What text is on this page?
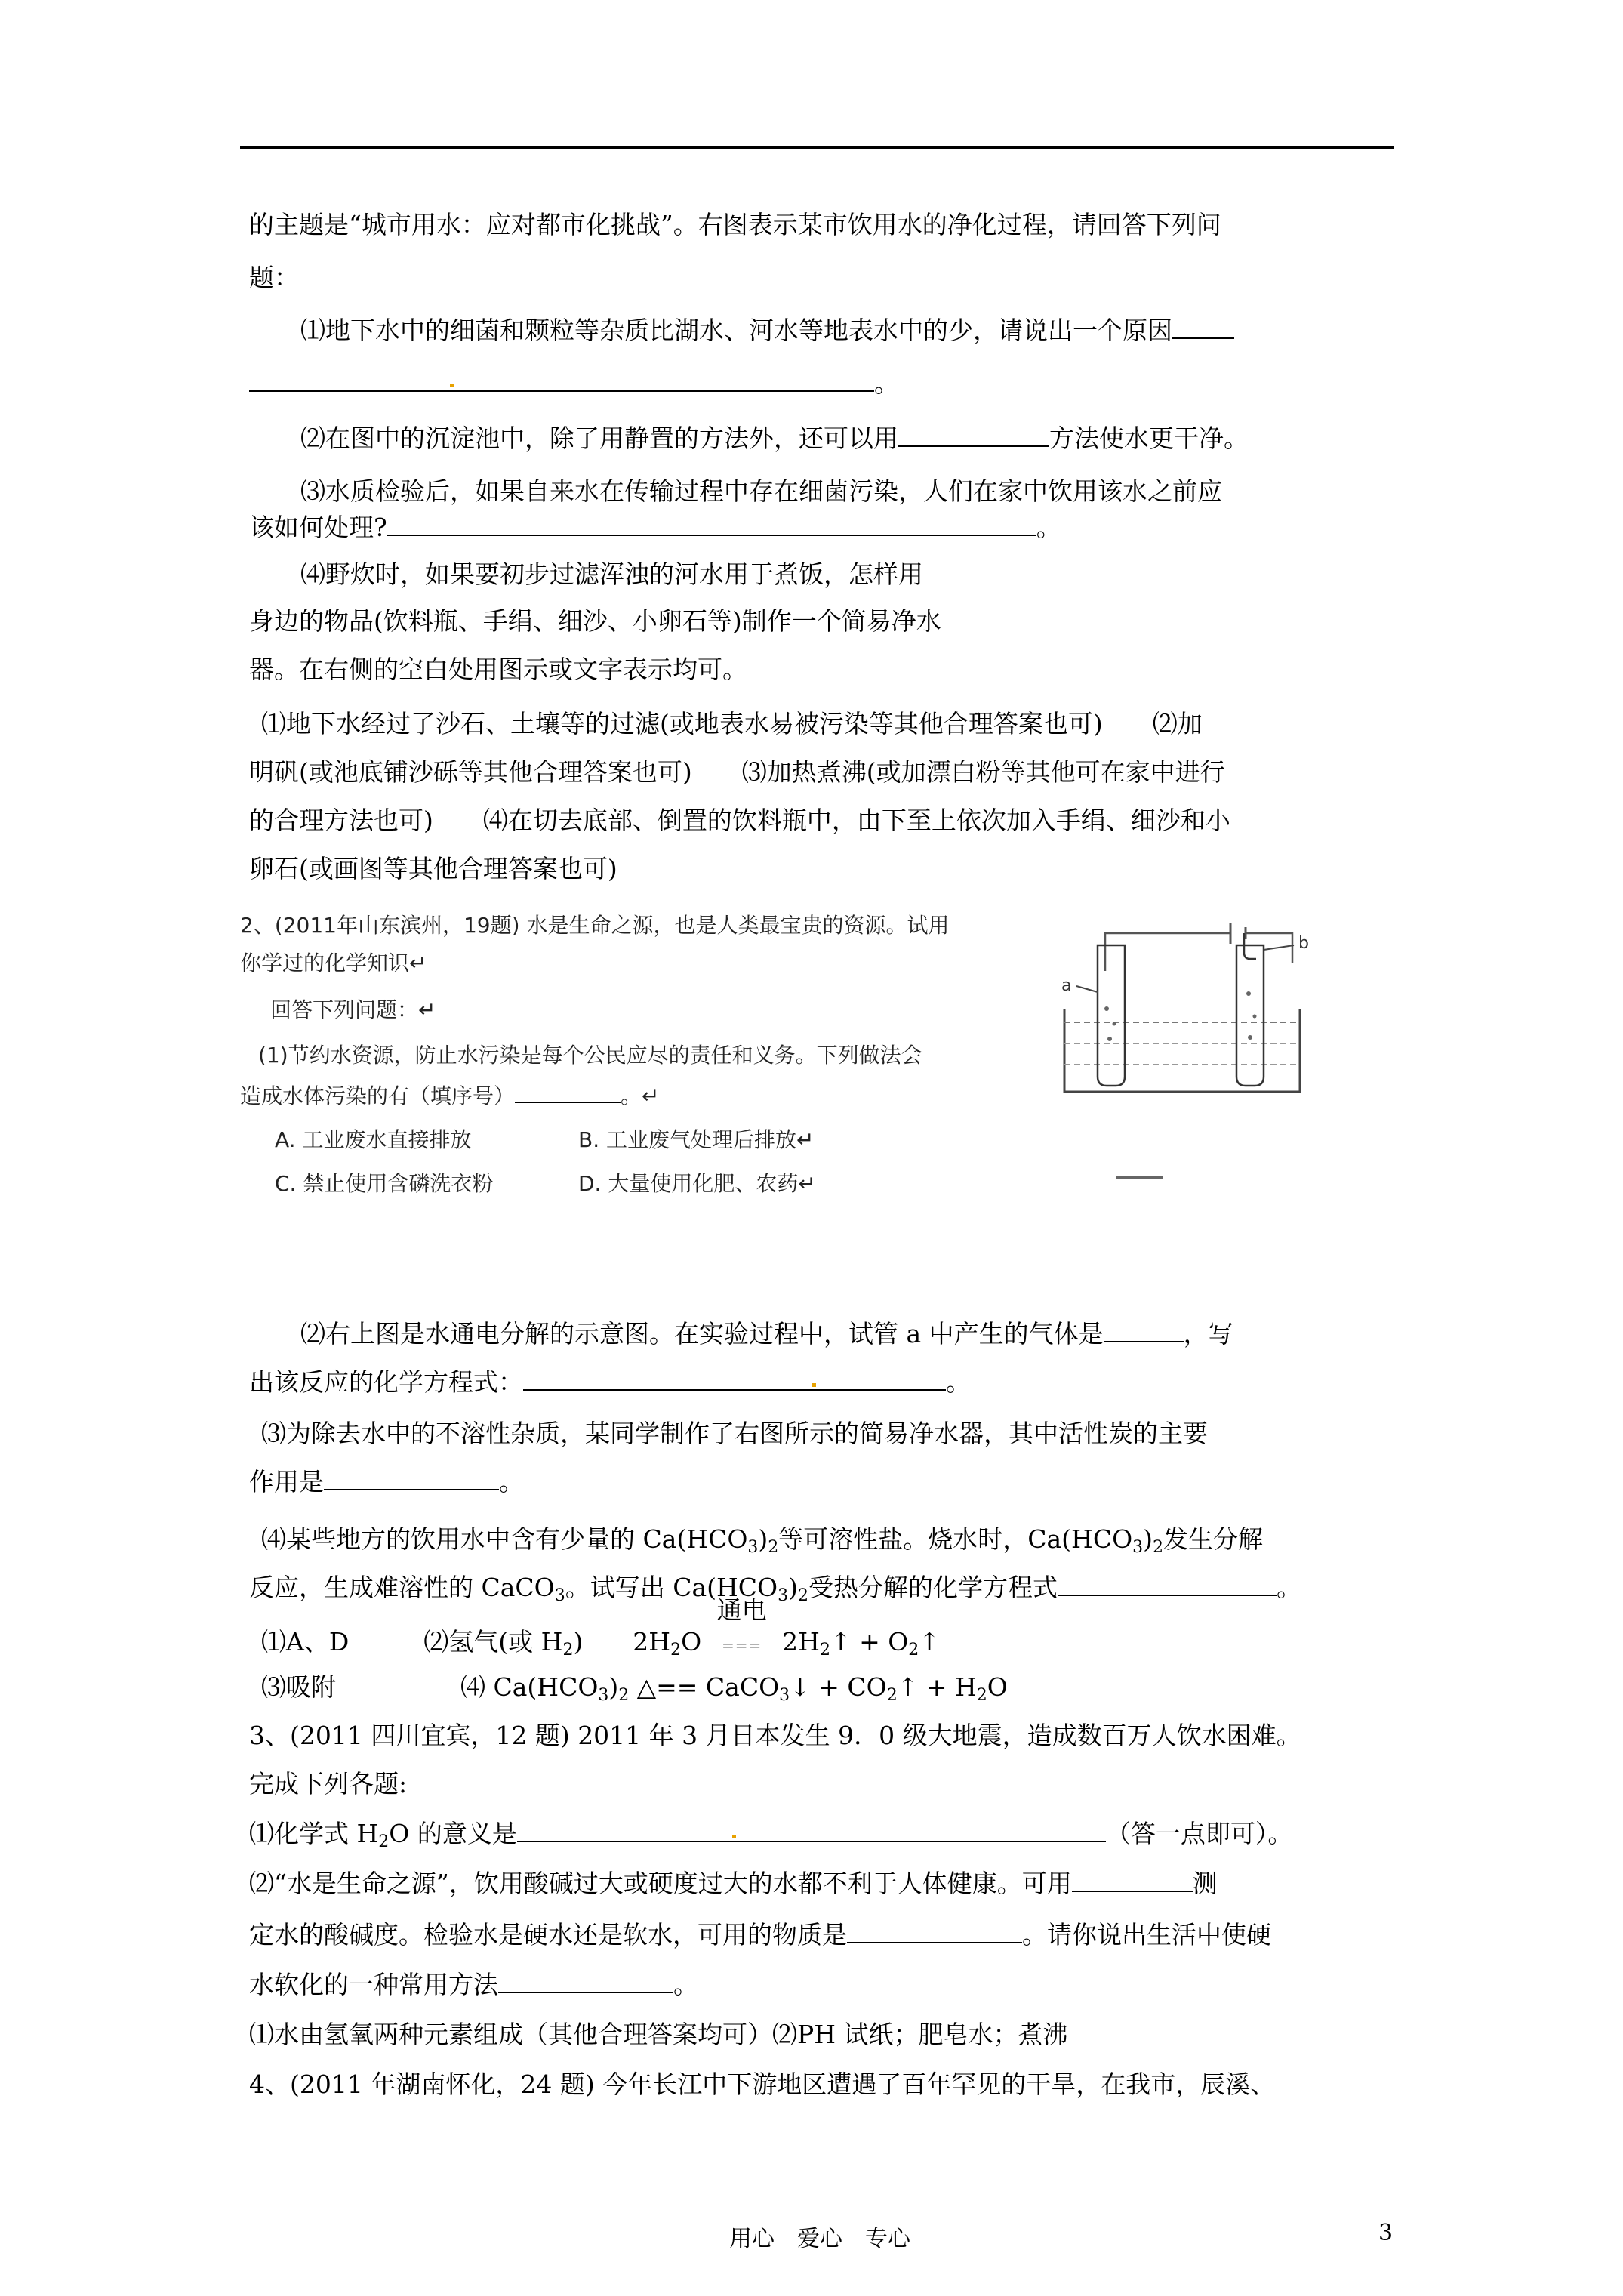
的主题是“城市用水：应对都市化挑战”。右图表示某市饮用水的净化过程，请回答下列问
题：
⑴地下水中的细菌和颗粒等杂质比湖水、河水等地表水中的少，请说出一个原因
。
⑵在图中的沉淀池中，除了用静置的方法外，还可以用	方法使水更干净。
⑶水质检验后，如果自来水在传输过程中存在细菌污染，人们在家中饮用该水之前应
该如何处理?	。
⑷野炊时，如果要初步过滤浑浊的河水用于煮饭，怎样用
身边的物品(饮料瓶、手绢、细沙、小卵石等)制作一个简易净水
器。在右侧的空白处用图示或文字表示均可。
⑴地下水经过了沙石、土壤等的过滤(或地表水易被污染等其他合理答案也可)　　⑵加
明矾(或池底铺沙砾等其他合理答案也可)　　⑶加热煮沸(或加漂白粉等其他可在家中进行
的合理方法也可)　　⑷在切去底部、倒置的饮料瓶中，由下至上依次加入手绢、细沙和小
卵石(或画图等其他合理答案也可)
2、(2011年山东滨州，19题) 水是生命之源，也是人类最宝贵的资源。试用
你学过的化学知识↵
回答下列问题：↵
(1)节约水资源，防止水污染是每个公民应尽的责任和义务。下列做法会
造成水体污染的有（填序号）	。↵
A. 工业废水直接排放	B. 工业废气处理后排放↵
C. 禁止使用含磷洗衣粉	D. 大量使用化肥、农药↵
a
b
⑵右上图是水通电分解的示意图。在实验过程中，试管 a 中产生的气体是	，写
出该反应的化学方程式：	。
⑶为除去水中的不溶性杂质，某同学制作了右图所示的简易净水器，其中活性炭的主要
作用是	。
⑷某些地方的饮用水中含有少量的 $Ca(HCO_3)_2$等可溶性盐。烧水时，$Ca(HCO_3)_2$发生分解
反应，生成难溶性的 CaCO$_3$。试写出 $Ca(HCO_3)_2$受热分解的化学方程式	。
⑴A、D　　　⑵氢气(或 $H_2$)　　$2H_2O$
通电
=== $2H_2↑$ + $O_2↑$
⑶吸附　　　　　⑷ $Ca(HCO_3)_2$ △== CaCO$_3$↓ + $CO_2↑ + H_2O$
3、(2011 四川宜宾，12 题) 2011 年 3 月日本发生 9．0 级大地震，造成数百万人饮水困难。
完成下列各题:
⑴化学式 $H_2O$ 的意义是	（答一点即可）。
⑵“水是生命之源”，饮用酸碱过大或硬度过大的水都不利于人体健康。可用	测
定水的酸碱度。检验水是硬水还是软水，可用的物质是	。请你说出生活中使硬
水软化的一种常用方法	。
⑴水由氢氧两种元素组成（其他合理答案均可）⑵PH 试纸；肥皂水；煮沸
4、(2011 年湖南怀化，24 题) 今年长江中下游地区遭遇了百年罕见的干旱，在我市，辰溪、
用心　爱心　专心	3
